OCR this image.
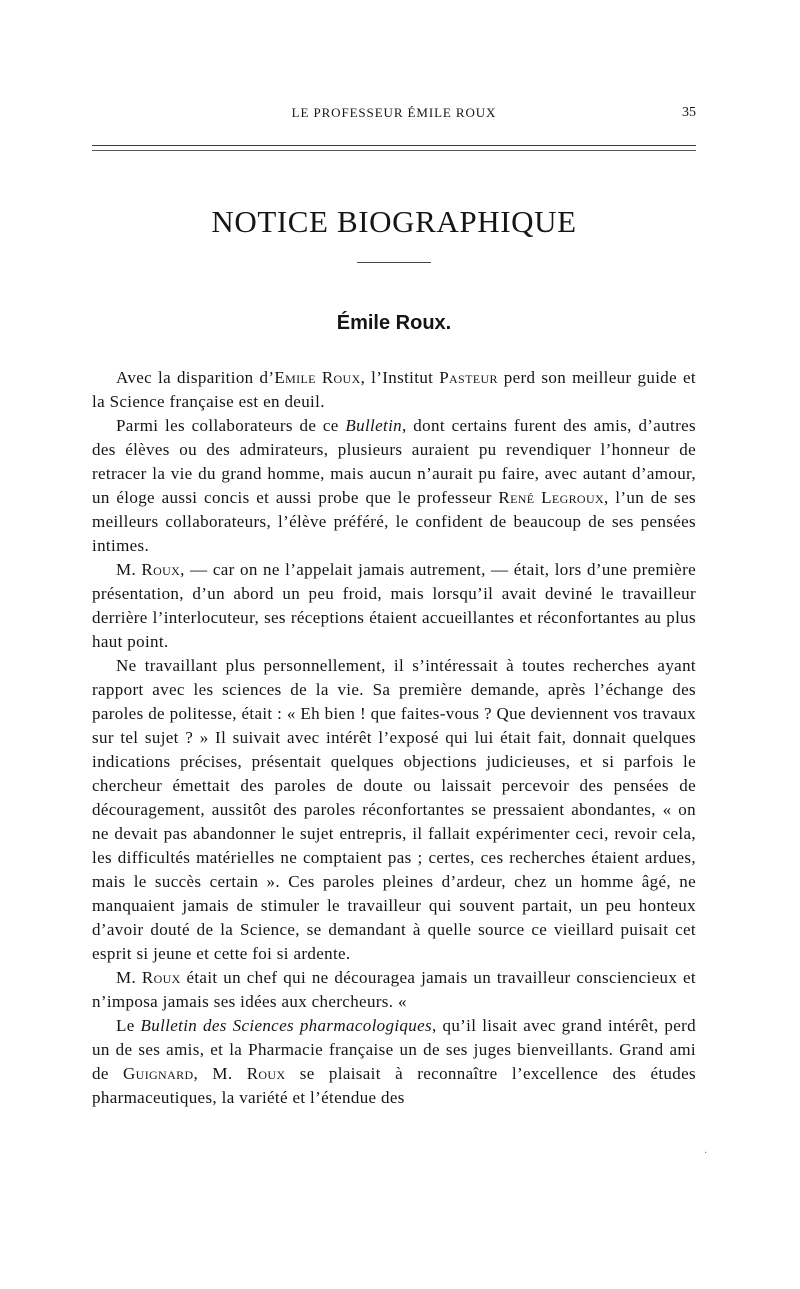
LE PROFESSEUR ÉMILE ROUX	35
NOTICE BIOGRAPHIQUE
Émile Roux.

Avec la disparition d’Emile Roux, l’Institut Pasteur perd son meilleur guide et la Science française est en deuil.

Parmi les collaborateurs de ce Bulletin, dont certains furent des amis, d’autres des élèves ou des admirateurs, plusieurs auraient pu revendiquer l’honneur de retracer la vie du grand homme, mais aucun n’aurait pu faire, avec autant d’amour, un éloge aussi concis et aussi probe que le professeur René Legroux, l’un de ses meilleurs collaborateurs, l’élève préféré, le confident de beaucoup de ses pensées intimes.

M. Roux, — car on ne l’appelait jamais autrement, — était, lors d’une première présentation, d’un abord un peu froid, mais lorsqu’il avait deviné le travailleur derrière l’interlocuteur, ses réceptions étaient accueillantes et réconfortantes au plus haut point.

Ne travaillant plus personnellement, il s’intéressait à toutes recherches ayant rapport avec les sciences de la vie. Sa première demande, après l’échange des paroles de politesse, était : « Eh bien ! que faites-vous ? Que deviennent vos travaux sur tel sujet ? » Il suivait avec intérêt l’exposé qui lui était fait, donnait quelques indications précises, présentait quelques objections judicieuses, et si parfois le chercheur émettait des paroles de doute ou laissait percevoir des pensées de découragement, aussitôt des paroles réconfortantes se pressaient abondantes, « on ne devait pas abandonner le sujet entrepris, il fallait expérimenter ceci, revoir cela, les difficultés matérielles ne comptaient pas ; certes, ces recherches étaient ardues, mais le succès certain ». Ces paroles pleines d’ardeur, chez un homme âgé, ne manquaient jamais de stimuler le travailleur qui souvent partait, un peu honteux d’avoir douté de la Science, se demandant à quelle source ce vieillard puisait cet esprit si jeune et cette foi si ardente.

M. Roux était un chef qui ne découragea jamais un travailleur consciencieux et n’imposa jamais ses idées aux chercheurs. «

Le Bulletin des Sciences pharmacologiques, qu’il lisait avec grand intérêt, perd un de ses amis, et la Pharmacie française un de ses juges bienveillants. Grand ami de Guignard, M. Roux se plaisait à reconnaître l’excellence des études pharmaceutiques, la variété et l’étendue des

·
